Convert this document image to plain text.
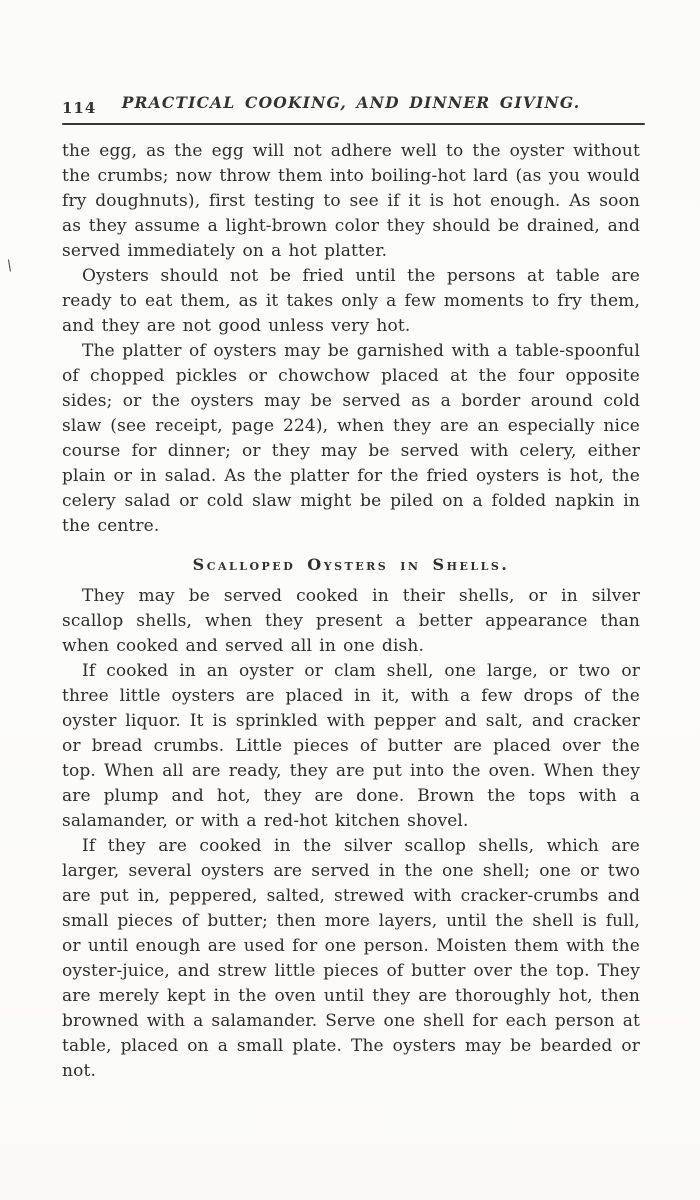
114	PRACTICAL COOKING, AND DINNER GIVING.

the egg, as the egg will not adhere well to the oyster without the crumbs; now throw them into boiling-hot lard (as you would fry doughnuts), first testing to see if it is hot enough. As soon as they assume a light-brown color they should be drained, and served immediately on a hot platter.

Oysters should not be fried until the persons at table are ready to eat them, as it takes only a few moments to fry them, and they are not good unless very hot.

The platter of oysters may be garnished with a table-spoonful of chopped pickles or chowchow placed at the four opposite sides; or the oysters may be served as a border around cold slaw (see receipt, page 224), when they are an especially nice course for dinner; or they may be served with celery, either plain or in salad. As the platter for the fried oysters is hot, the celery salad or cold slaw might be piled on a folded napkin in the centre.

Scalloped Oysters in Shells.

They may be served cooked in their shells, or in silver scallop shells, when they present a better appearance than when cooked and served all in one dish.

If cooked in an oyster or clam shell, one large, or two or three little oysters are placed in it, with a few drops of the oyster liquor. It is sprinkled with pepper and salt, and cracker or bread crumbs. Little pieces of butter are placed over the top. When all are ready, they are put into the oven. When they are plump and hot, they are done. Brown the tops with a salamander, or with a red-hot kitchen shovel.

If they are cooked in the silver scallop shells, which are larger, several oysters are served in the one shell; one or two are put in, peppered, salted, strewed with cracker-crumbs and small pieces of butter; then more layers, until the shell is full, or until enough are used for one person. Moisten them with the oyster-juice, and strew little pieces of butter over the top. They are merely kept in the oven until they are thoroughly hot, then browned with a salamander. Serve one shell for each person at table, placed on a small plate. The oysters may be bearded or not.

\
